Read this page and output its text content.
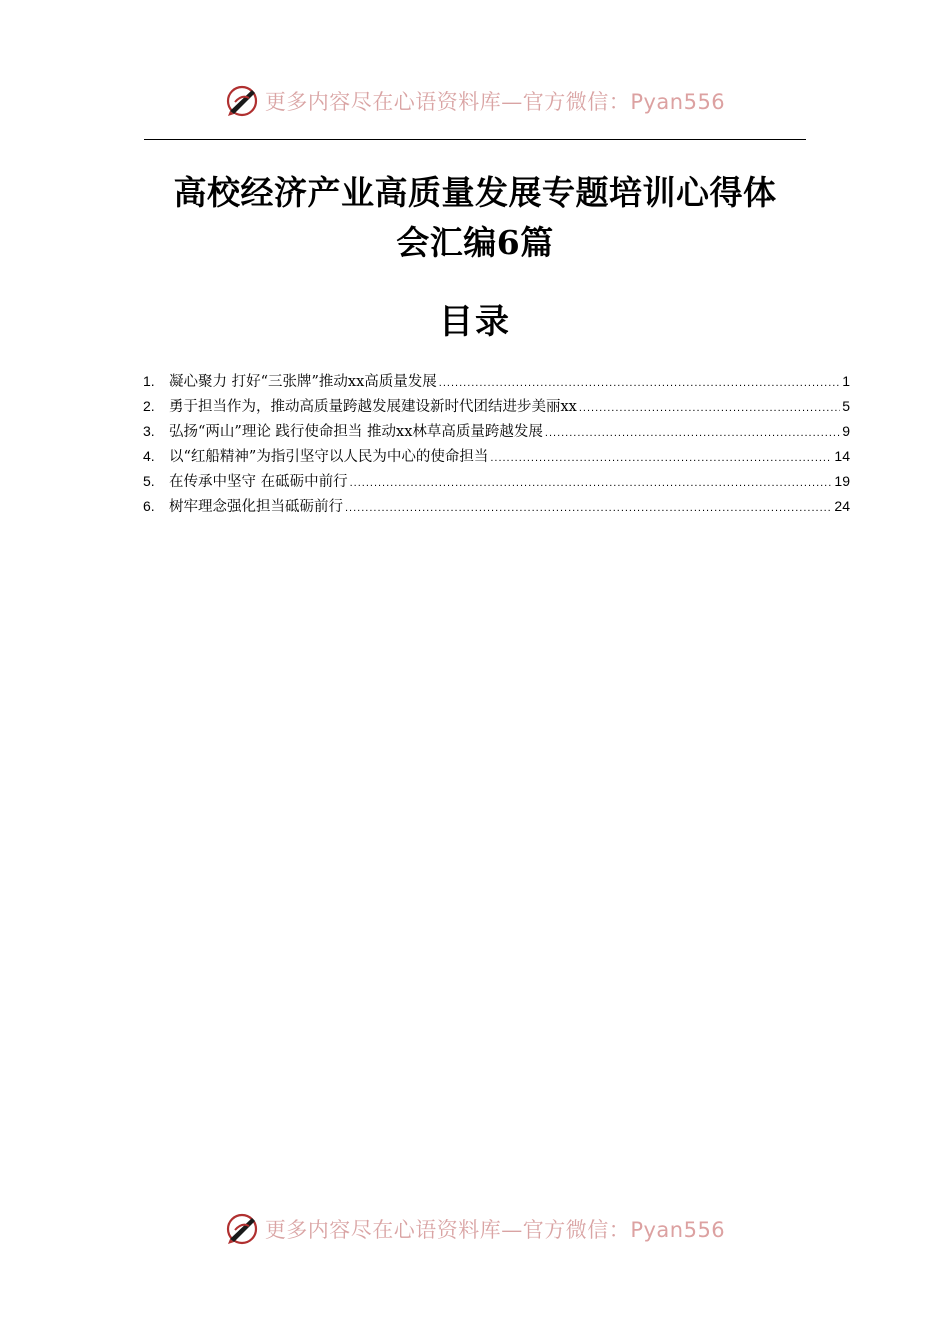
更多内容尽在心语资料库—官方微信：Pyan556
高校经济产业高质量发展专题培训心得体
会汇编6篇
目录
1. 凝心聚力 打好“三张牌”推动xx高质量发展 .....	1
2. 勇于担当作为，推动高质量跨越发展建设新时代团结进步美丽xx .....	5
3. 弘扬“两山”理论 践行使命担当 推动xx林草高质量跨越发展 .....	9
4. 以“红船精神”为指引坚守以人民为中心的使命担当 .....	14
5. 在传承中坚守 在砥砺中前行 .....	19
6. 树牢理念强化担当砥砺前行 .....	24
更多内容尽在心语资料库—官方微信：Pyan556
